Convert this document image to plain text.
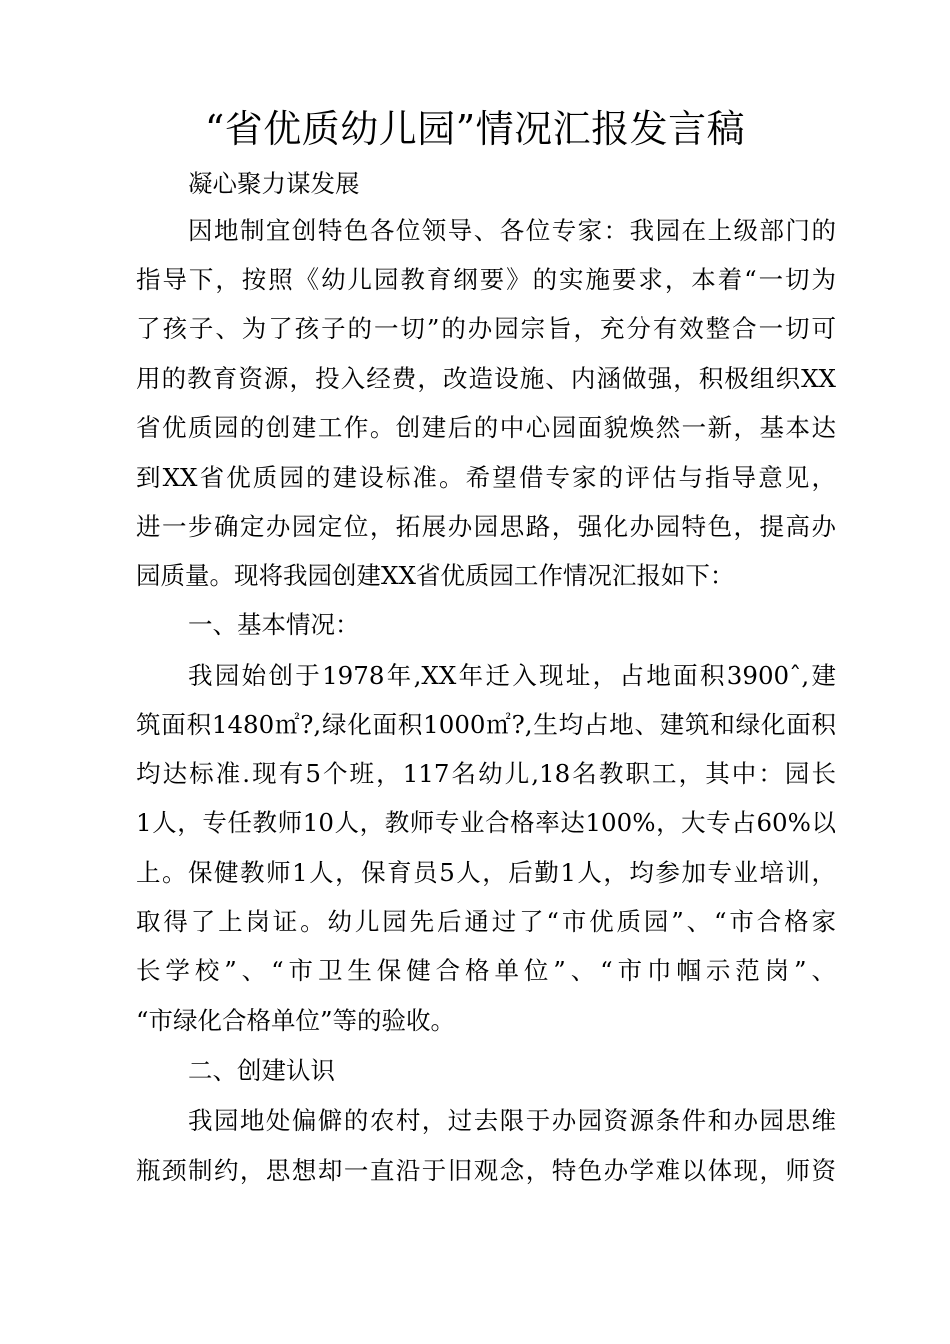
“省优质幼儿园”情况汇报发言稿
凝心聚力谋发展
因地制宜创特色各位领导、各位专家：我园在上级部门的
指导下，按照《幼儿园教育纲要》的实施要求，本着“一切为
了孩子、为了孩子的一切”的办园宗旨，充分有效整合一切可
用的教育资源，投入经费，改造设施、内涵做强，积极组织XX
省优质园的创建工作。创建后的中心园面貌焕然一新，基本达
到XX省优质园的建设标准。希望借专家的评估与指导意见，
进一步确定办园定位，拓展办园思路，强化办园特色，提高办
园质量。现将我园创建XX省优质园工作情况汇报如下：
一、基本情况：
我园始创于1978年,XX年迁入现址，占地面积3900ˆ,建
筑面积1480㎡?,绿化面积1000㎡?,生均占地、建筑和绿化面积
均达标准.现有5个班，117名幼儿,18名教职工，其中：园长
1人，专任教师10人，教师专业合格率达100%，大专占60%以
上。保健教师1人，保育员5人，后勤1人，均参加专业培训，
取得了上岗证。幼儿园先后通过了“市优质园”、“市合格家
长学校”、“市卫生保健合格单位”、“市巾帼示范岗”、
“市绿化合格单位”等的验收。
二、创建认识
我园地处偏僻的农村，过去限于办园资源条件和办园思维
瓶颈制约，思想却一直沿于旧观念，特色办学难以体现，师资
